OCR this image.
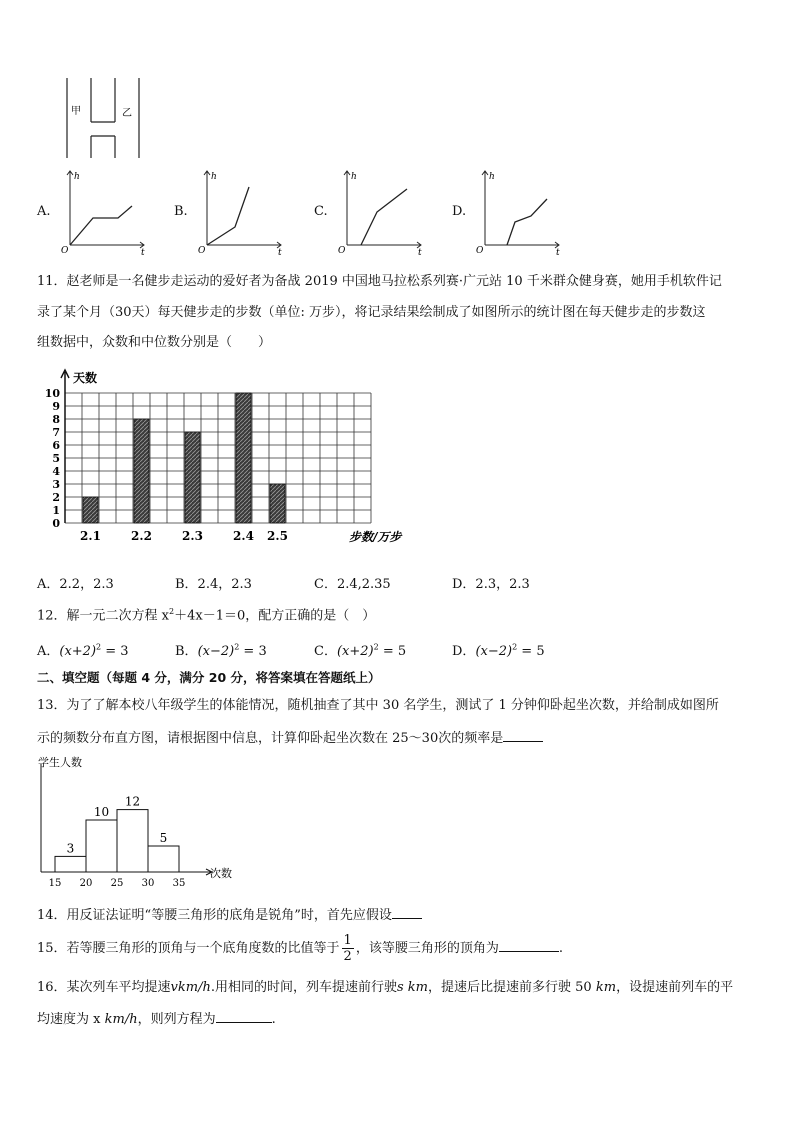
甲	乙
A.
h
t
O
B.
h
t
O
C.
h
t
O
D.
h
t
O
11．赵老师是一名健步走运动的爱好者为备战 2019 中国地马拉松系列赛·广元站 10 千米群众健身赛，她用手机软件记
录了某个月（30天）每天健步走的步数（单位: 万步），将记录结果绘制成了如图所示的统计图在每天健步走的步数这
组数据中，众数和中位数分别是（　　）
天数
0
1
2
3
4
5
6
7
8
9
10
2.1	2.2	2.3	2.4 2.5	步数/万步
A．2.2，2.3	B．2.4，2.3	C．2.4,2.35	D．2.3，2.3
12．解一元二次方程 $x^2+4x-1=0$，配方正确的是（　）
A．$(x+2)^2 = 3$	B．$(x-2)^2 = 3$	C．$(x+2)^2 = 5$	D．$(x-2)^2 = 5$
二、填空题（每题 4 分，满分 20 分，将答案填在答题纸上）
13．为了了解本校八年级学生的体能情况，随机抽查了其中 30 名学生，测试了 1 分钟仰卧起坐次数，并给制成如图所
示的频数分布直方图，请根据图中信息，计算仰卧起坐次数在 25～30次的频率是
学生人数
次数
3
10
12
5
15 20 25 30 35
14．用反证法证明“等腰三角形的底角是锐角”时，首先应假设
15．若等腰三角形的顶角与一个底角度数的比值等于 $\frac{1}{2}$ ，该等腰三角形的顶角为	.
16．某次列车平均提速vkm/h.用相同的时间，列车提速前行驶s km，提速后比提速前多行驶 50 km，设提速前列车的平
均速度为 x km/h，则列方程为	.
